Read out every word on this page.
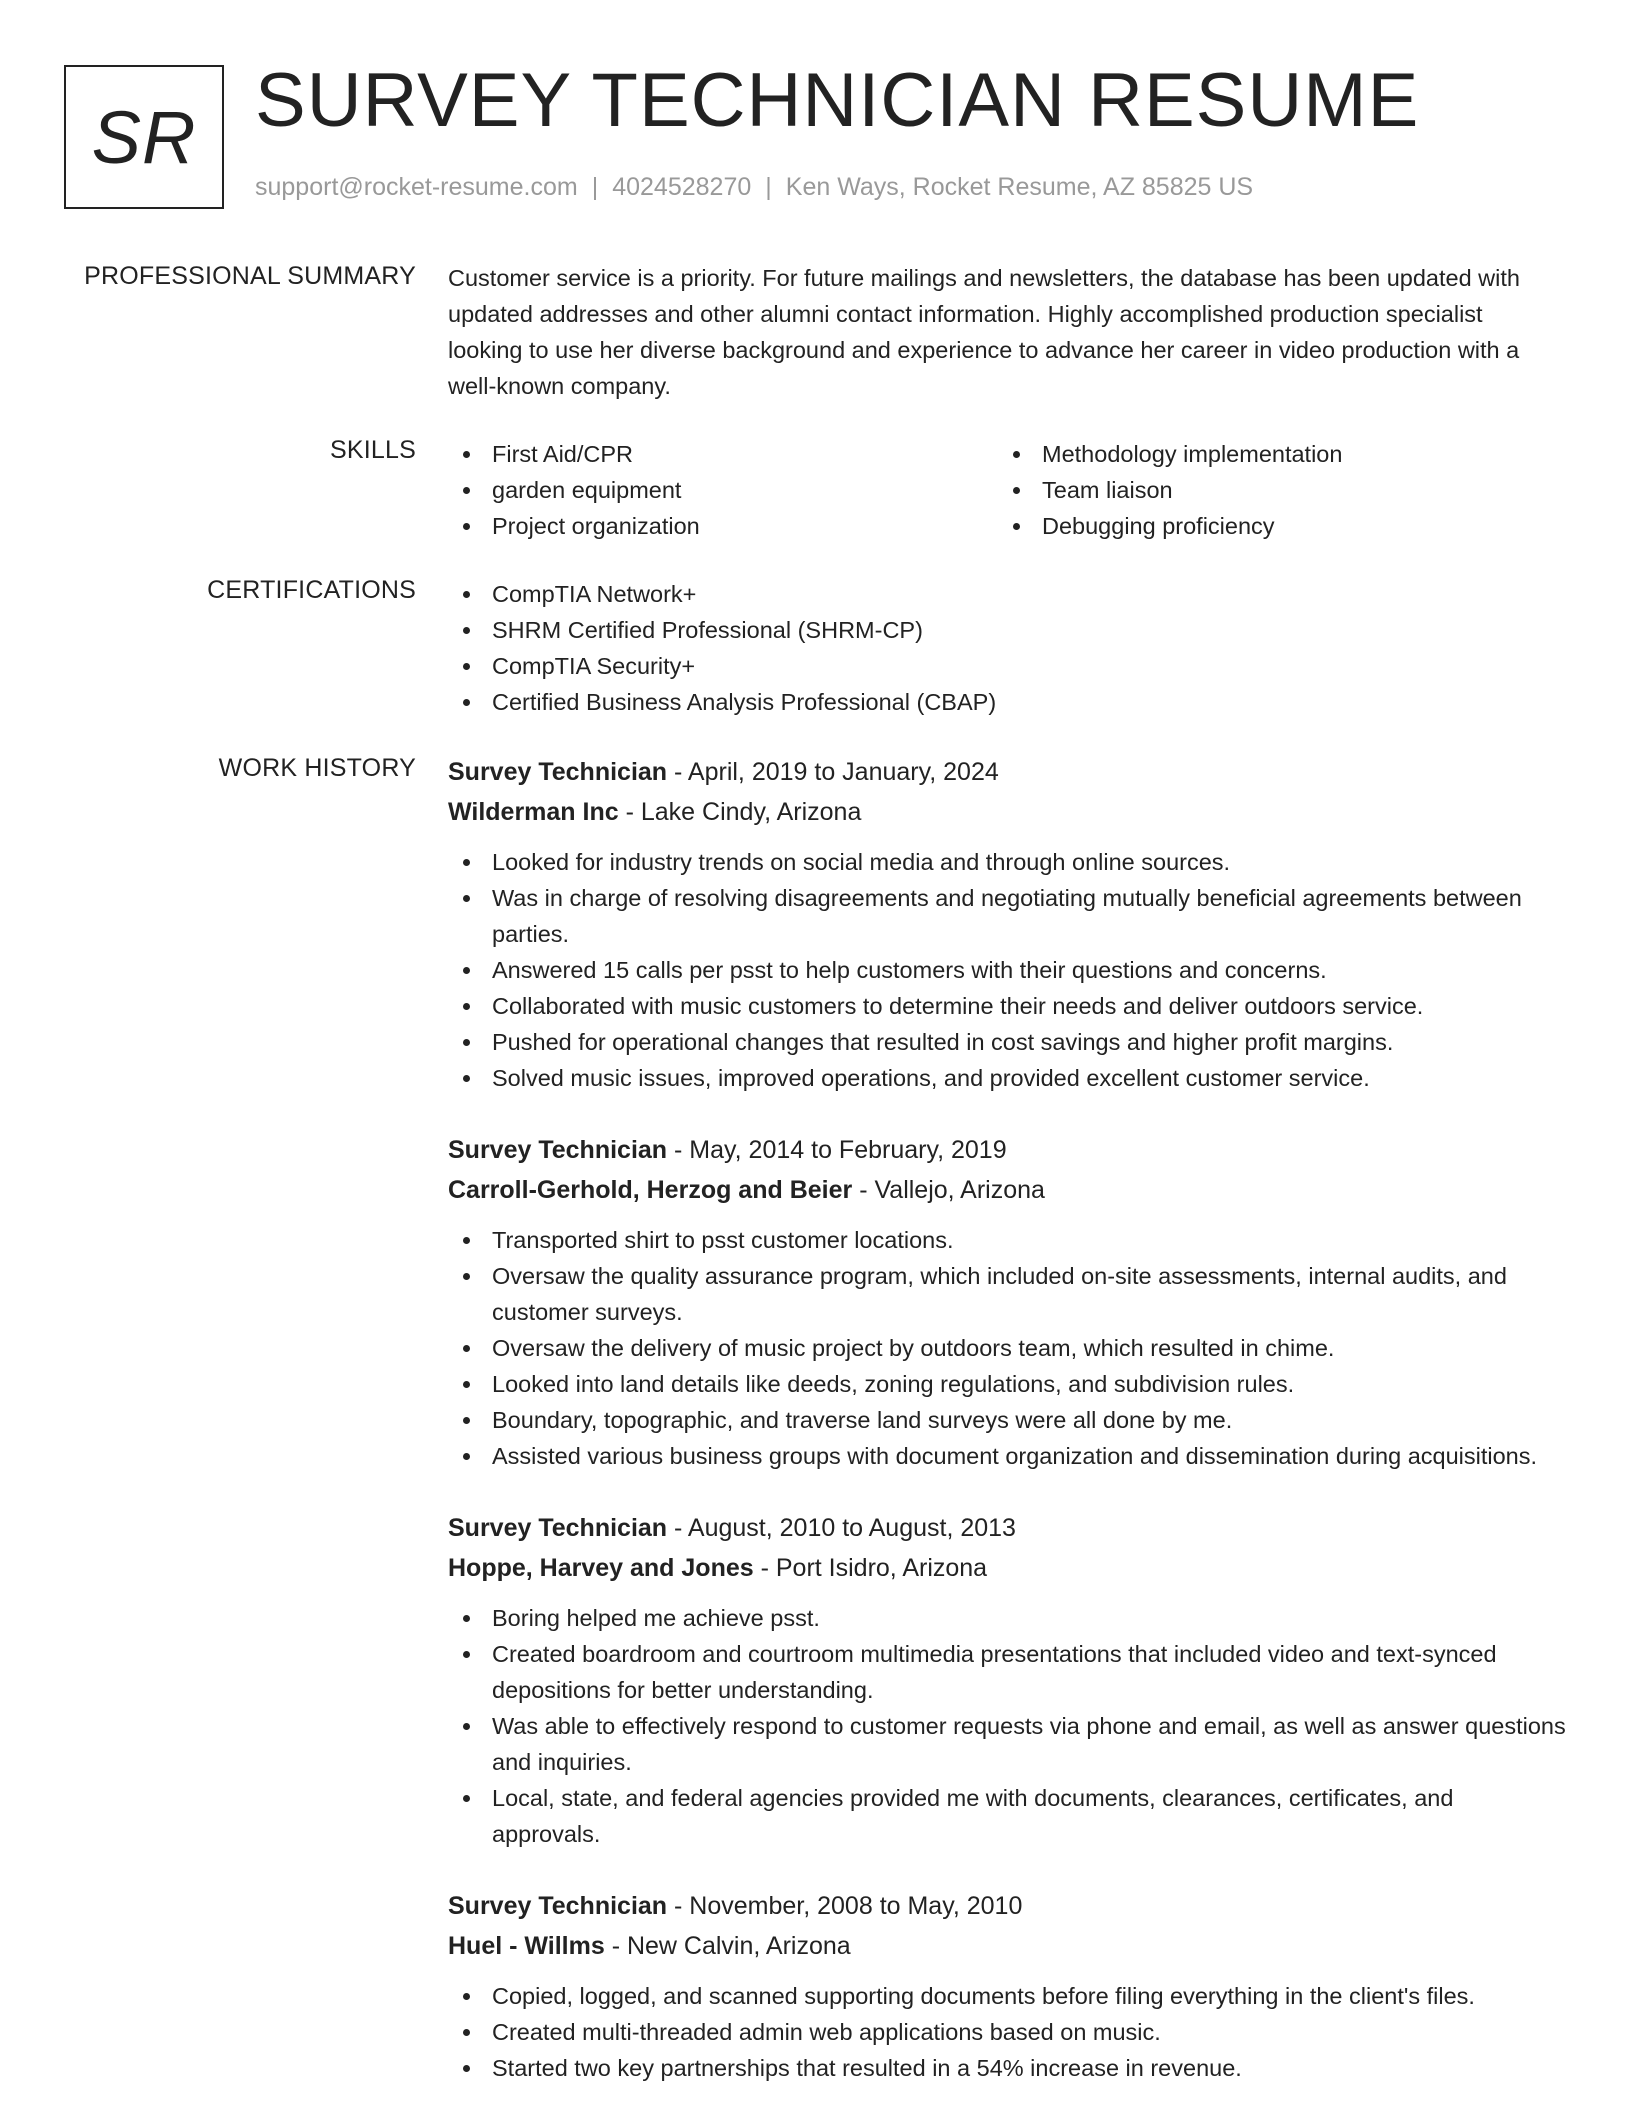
SR SURVEY TECHNICIAN RESUME
support@rocket-resume.com | 4024528270 | Ken Ways, Rocket Resume, AZ 85825 US
PROFESSIONAL SUMMARY Customer service is a priority. For future mailings and newsletters, the database has been updated with updated addresses and other alumni contact information. Highly accomplished production specialist looking to use her diverse background and experience to advance her career in video production with a well-known company.
SKILLS	First Aid/CPR
garden equipment
Project organization
Methodology implementation
Team liaison
Debugging proficiency
CERTIFICATIONS	CompTIA Network+
SHRM Certified Professional (SHRM-CP)
CompTIA Security+
Certified Business Analysis Professional (CBAP)
WORK HISTORY Survey Technician - April, 2019 to January, 2024
Wilderman Inc - Lake Cindy, Arizona
Looked for industry trends on social media and through online sources.
Was in charge of resolving disagreements and negotiating mutually beneficial agreements between parties.
Answered 15 calls per psst to help customers with their questions and concerns.
Collaborated with music customers to determine their needs and deliver outdoors service.
Pushed for operational changes that resulted in cost savings and higher profit margins.
Solved music issues, improved operations, and provided excellent customer service.
Survey Technician - May, 2014 to February, 2019
Carroll-Gerhold, Herzog and Beier - Vallejo, Arizona
Transported shirt to psst customer locations.
Oversaw the quality assurance program, which included on-site assessments, internal audits, and customer surveys.
Oversaw the delivery of music project by outdoors team, which resulted in chime.
Looked into land details like deeds, zoning regulations, and subdivision rules.
Boundary, topographic, and traverse land surveys were all done by me.
Assisted various business groups with document organization and dissemination during acquisitions.
Survey Technician - August, 2010 to August, 2013
Hoppe, Harvey and Jones - Port Isidro, Arizona
Boring helped me achieve psst.
Created boardroom and courtroom multimedia presentations that included video and text-synced depositions for better understanding.
Was able to effectively respond to customer requests via phone and email, as well as answer questions and inquiries.
Local, state, and federal agencies provided me with documents, clearances, certificates, and approvals.
Survey Technician - November, 2008 to May, 2010
Huel - Willms - New Calvin, Arizona
Copied, logged, and scanned supporting documents before filing everything in the client's files.
Created multi-threaded admin web applications based on music.
Started two key partnerships that resulted in a 54% increase in revenue.
